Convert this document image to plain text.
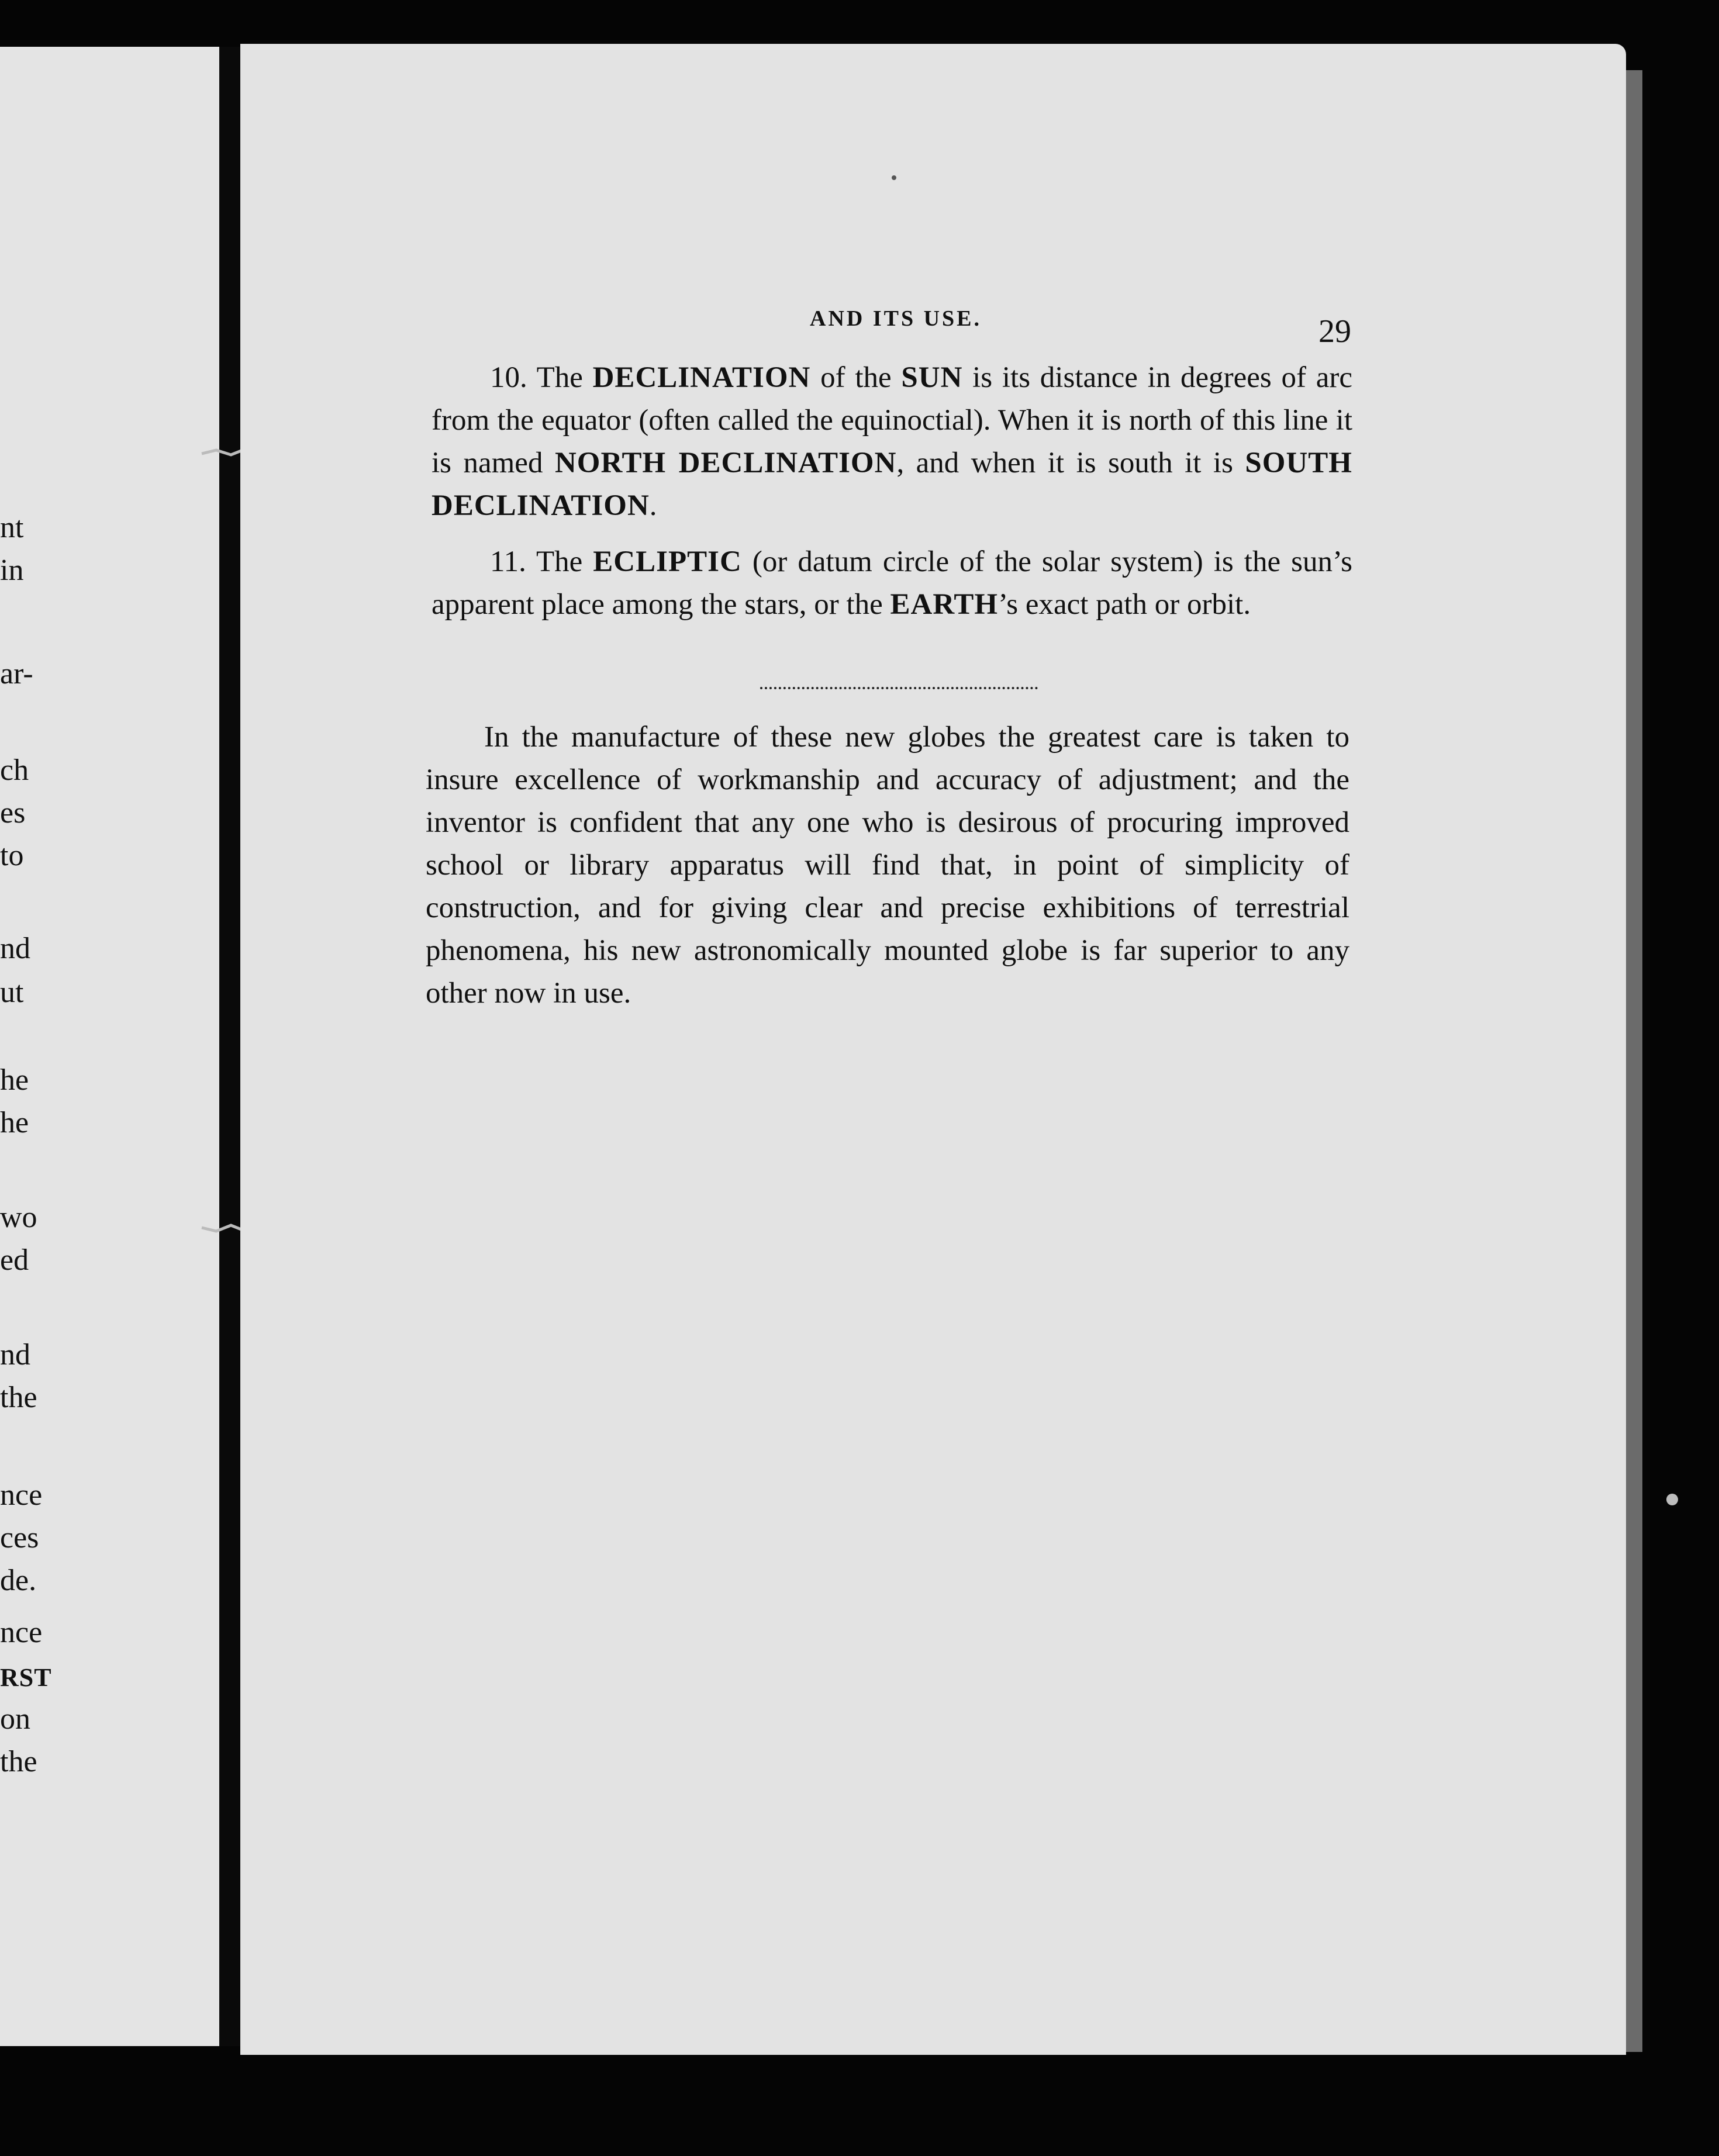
nt
in
ar-
ch
es
to
nd
ut
he
he
wo
ed
nd
the
nce
ces
de.
nce
RST
on
the
AND ITS USE.	29

10. The DECLINATION of the SUN is its distance in degrees of arc from the equator (often called the equinoctial). When it is north of this line it is named NORTH DECLINATION, and when it is south it is SOUTH DECLINATION.

11. The ECLIPTIC (or datum circle of the solar system) is the sun’s apparent place among the stars, or the EARTH’s exact path or orbit.

In the manufacture of these new globes the greatest care is taken to insure excellence of workmanship and accuracy of adjustment; and the inventor is confident that any one who is desirous of procuring improved school or library apparatus will find that, in point of simplicity of construction, and for giving clear and precise exhibitions of terrestrial phenomena, his new astronomically mounted globe is far superior to any other now in use.
